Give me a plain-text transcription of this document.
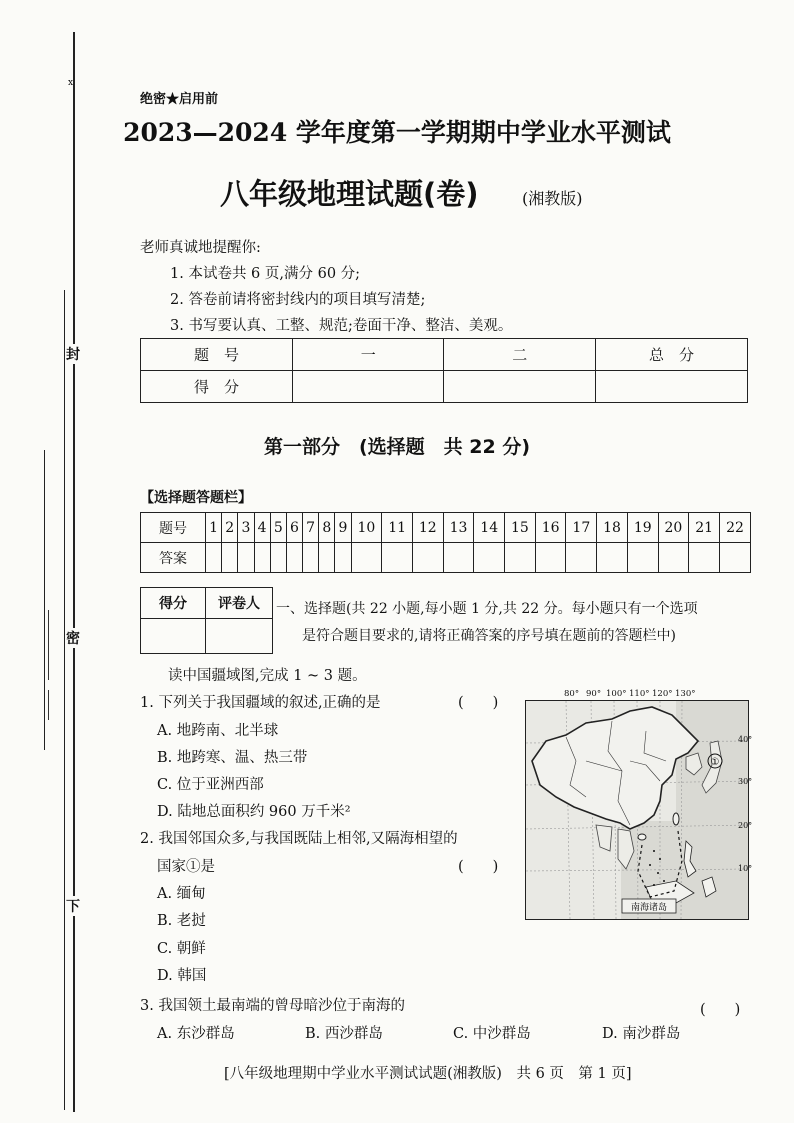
x
封
密
下
绝密★启用前
2023—2024 学年度第一学期期中学业水平测试
八年级地理试题(卷)	(湘教版)
老师真诚地提醒你:
1. 本试卷共 6 页,满分 60 分;
2. 答卷前请将密封线内的项目填写清楚;
3. 书写要认真、工整、规范;卷面干净、整洁、美观。
题　号	一	二	总　分
得　分			
第一部分　(选择题　共 22 分)
【选择题答题栏】
题号	1	2	3	4	5	6	7	8	9	10	11	12	13	14	15	16	17	18	19	20	21	22
答案																						
得分	评卷人
	一、选择题(共 22 小题,每小题 1 分,共 22 分。每小题只有一个选项
是符合题目要求的,请将正确答案的序号填在题前的答题栏中)
读中国疆域图,完成 1 ~ 3 题。
1. 下列关于我国疆域的叙述,正确的是	(　　)
A. 地跨南、北半球
B. 地跨寒、温、热三带
C. 位于亚洲西部
D. 陆地总面积约 960 万千米²
2. 我国邻国众多,与我国既陆上相邻,又隔海相望的
国家①是	(　　)
A. 缅甸
B. 老挝
C. 朝鲜
D. 韩国
3. 我国领土最南端的曾母暗沙位于南海的	(　　)
A. 东沙群岛	B. 西沙群岛	C. 中沙群岛	D. 南沙群岛
80° 90° 100° 110° 120° 130°
①
南海诸岛
40°
30°
20°
10°
[八年级地理期中学业水平测试试题(湘教版)　共 6 页　第 1 页]
